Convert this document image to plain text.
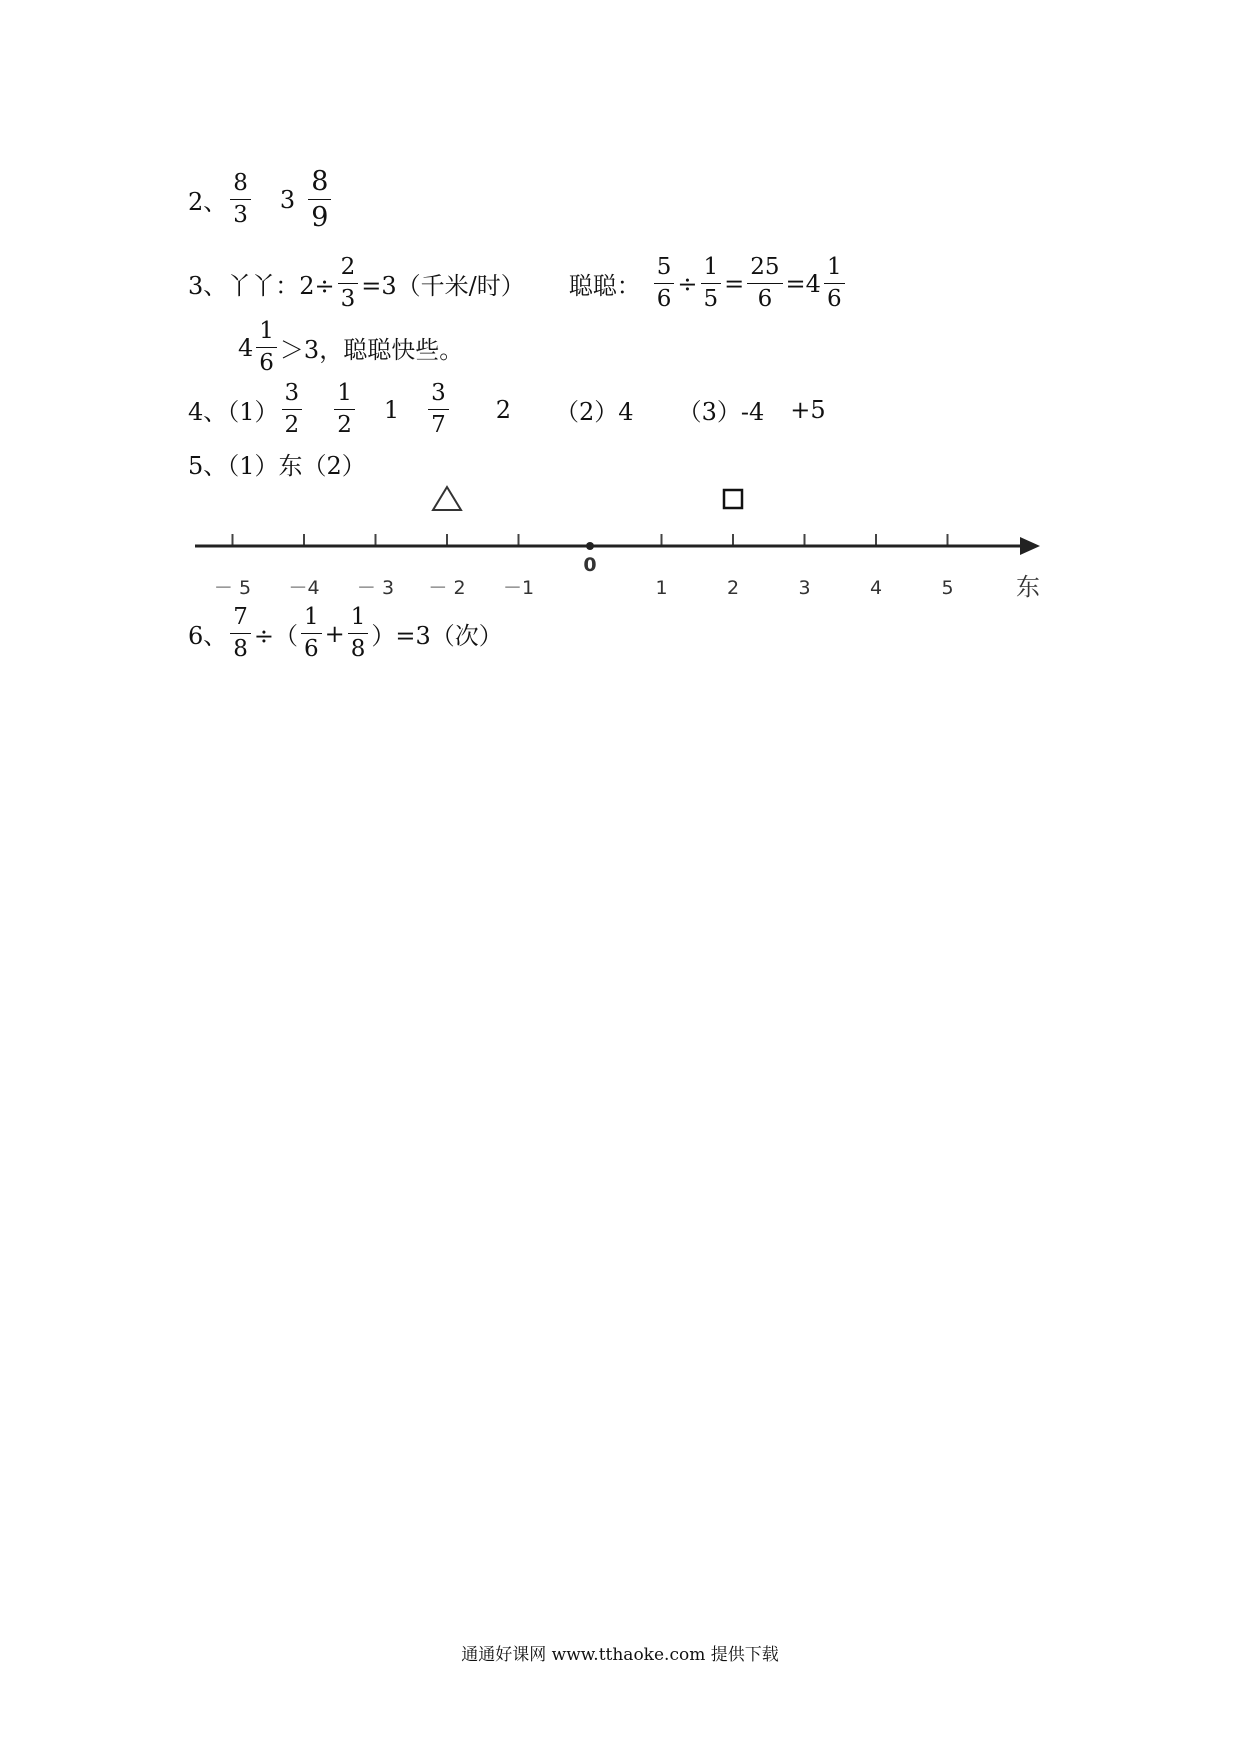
2、 $\frac{8}{3} 3 \frac{8}{9}$
3、丫丫：$2\div \frac{2}{3} =3$（千米/时） 聪聪： $\frac{5}{6} \div \frac{1}{5} = \frac{25}{6} =4 \frac{1}{6}$
$4 \frac{1}{6} >3$，聪聪快些。
4、$(1) \frac{3}{2} \frac{1}{2} 1 \frac{3}{7} 2$ （2）4 （3）-4 +5
5、（1）东（2）
－ 5 －4 － 3 － 2 －1
0
1	2	3	4	5	东
6、 $\frac{7}{8}$ ÷（ $\frac{1}{6} + \frac{1}{8} )=3$（次）
通通好课网 www.tthaoke.com 提供下载
